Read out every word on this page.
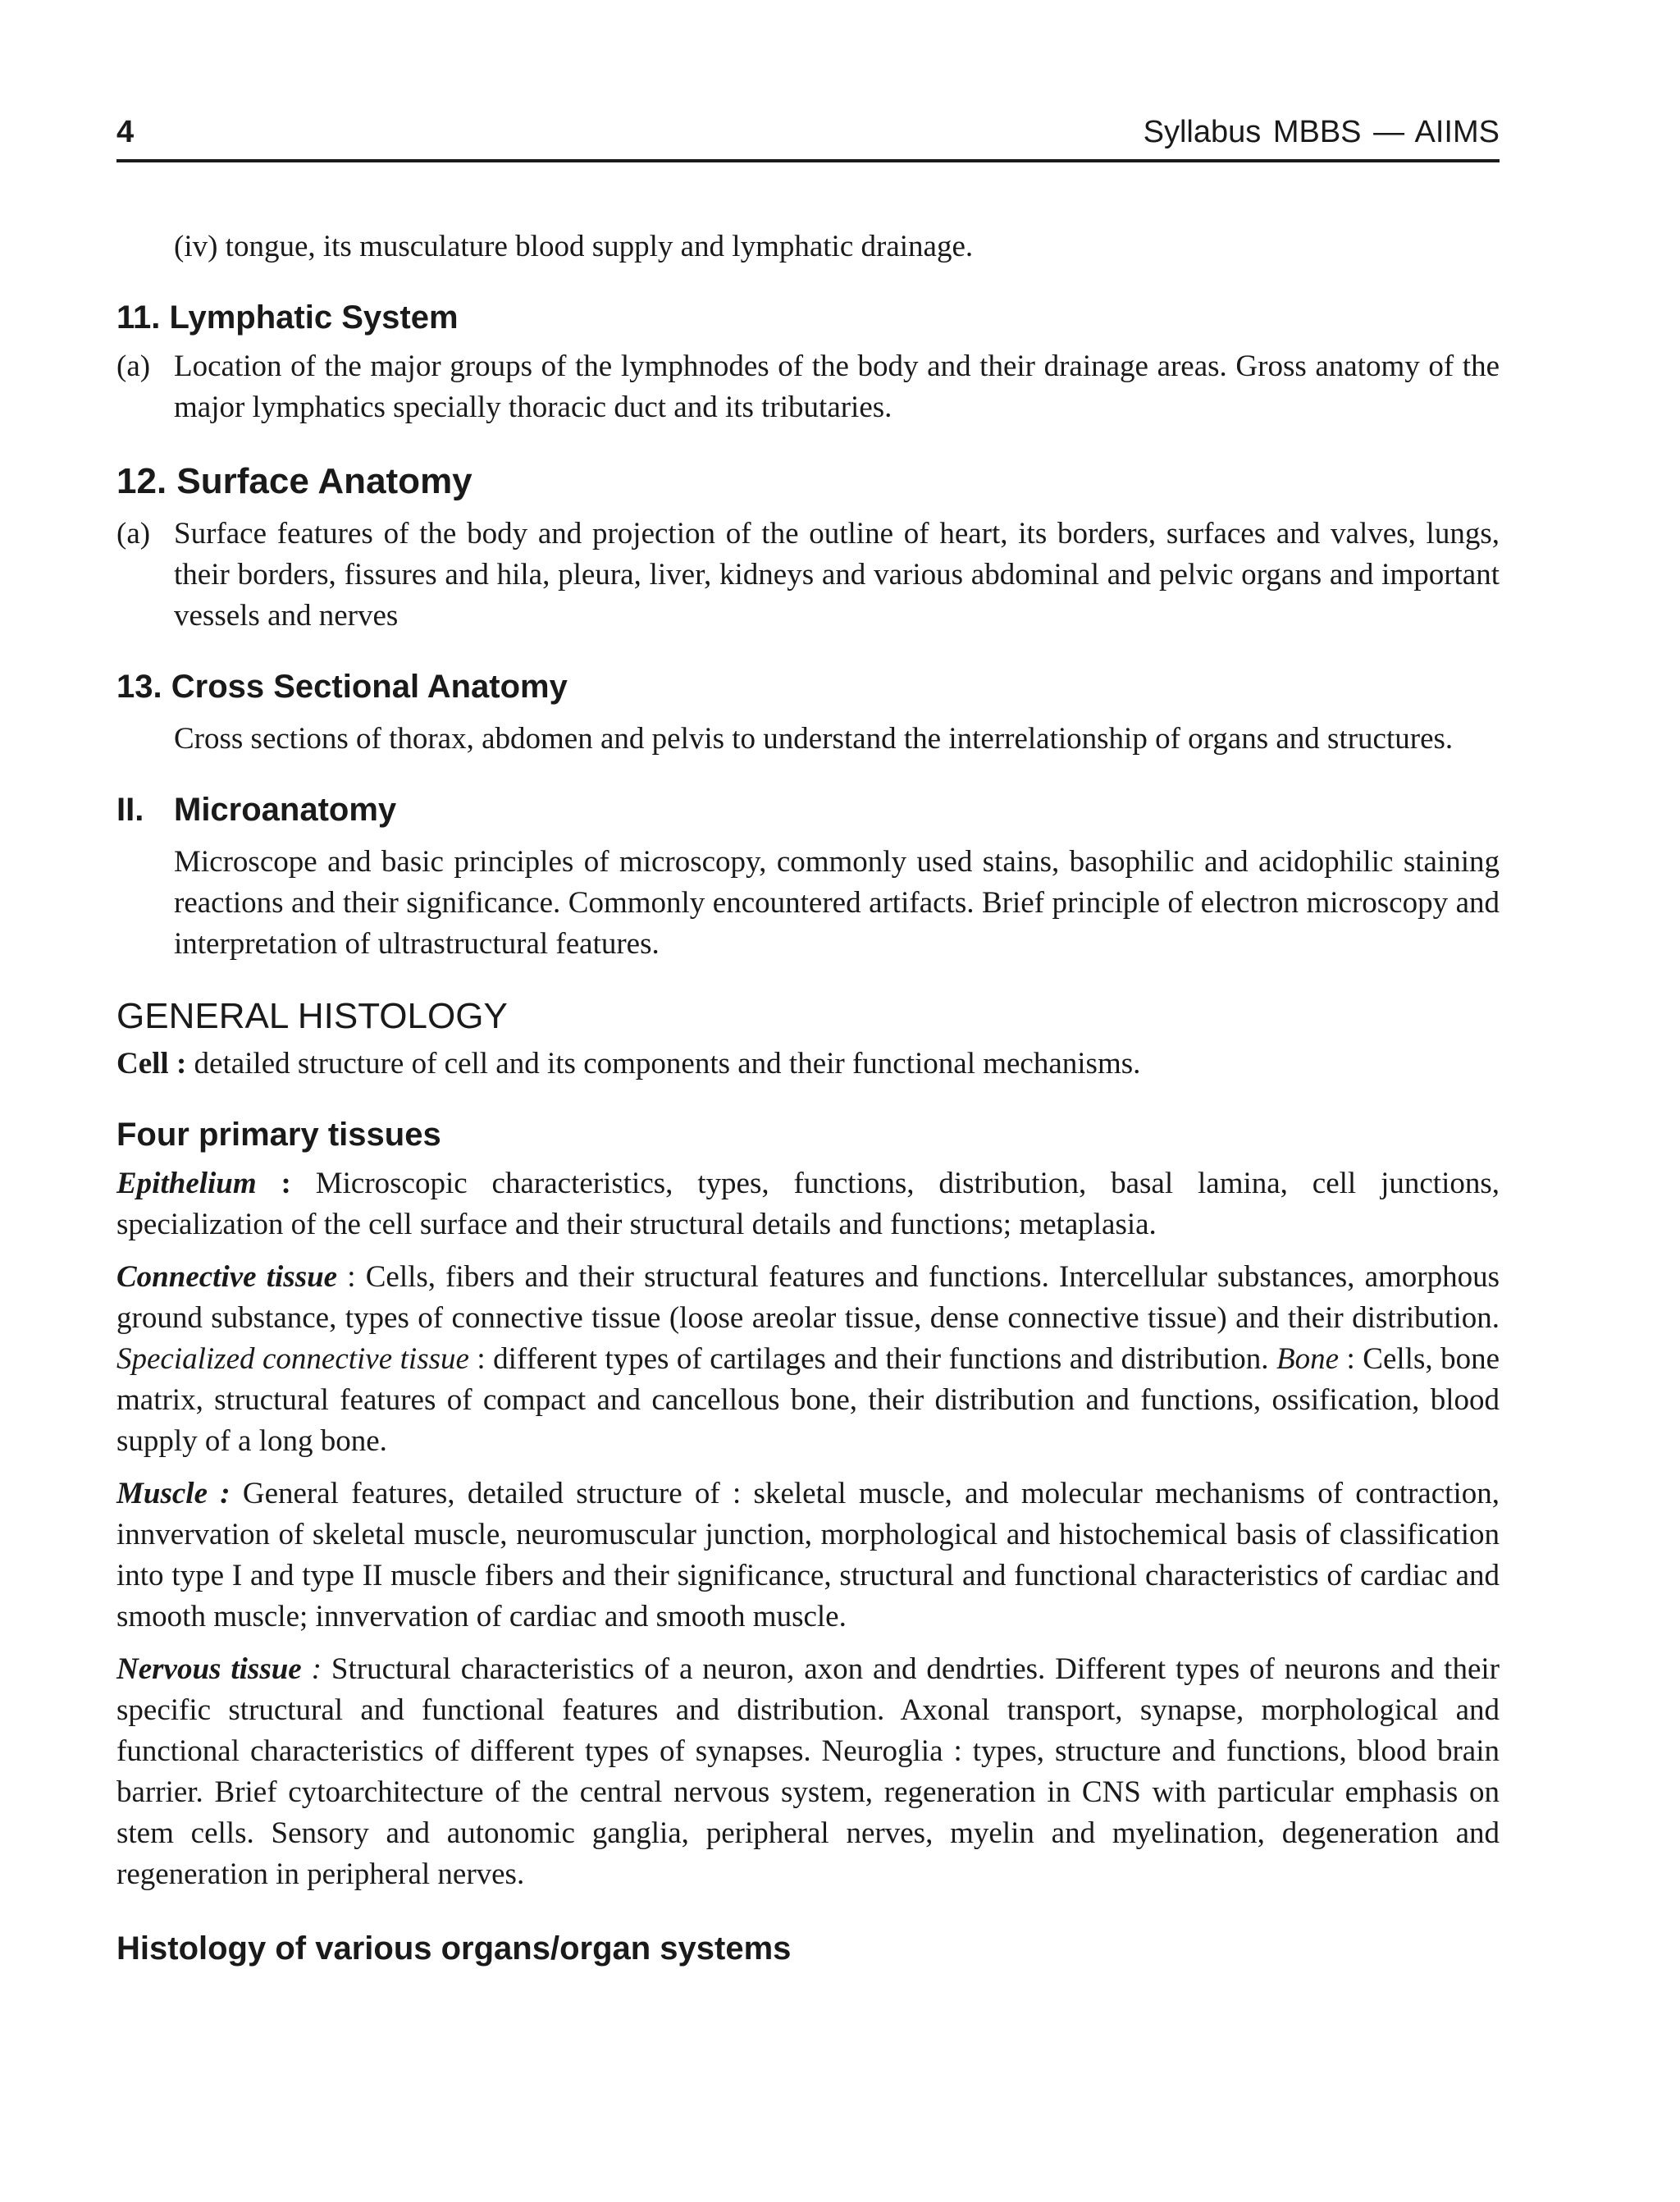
4	Syllabus MBBS — AIIMS

(iv) tongue, its musculature blood supply and lymphatic drainage.

11. Lymphatic System
(a) Location of the major groups of the lymphnodes of the body and their drainage areas. Gross anatomy of the major lymphatics specially thoracic duct and its tributaries.
12. Surface Anatomy
(a) Surface features of the body and projection of the outline of heart, its borders, surfaces and valves, lungs, their borders, fissures and hila, pleura, liver, kidneys and various abdominal and pelvic organs and important vessels and nerves
13. Cross Sectional Anatomy

Cross sections of thorax, abdomen and pelvis to understand the interrelationship of organs and structures.

II. Microanatomy

Microscope and basic principles of microscopy, commonly used stains, basophilic and acidophilic staining reactions and their significance. Commonly encountered artifacts. Brief principle of electron microscopy and interpretation of ultrastructural features.

GENERAL HISTOLOGY

Cell : detailed structure of cell and its components and their functional mechanisms.

Four primary tissues

Epithelium : Microscopic characteristics, types, functions, distribution, basal lamina, cell junctions, specialization of the cell surface and their structural details and functions; metaplasia.

Connective tissue : Cells, fibers and their structural features and functions. Intercellular substances, amorphous ground substance, types of connective tissue (loose areolar tissue, dense connective tissue) and their distribution. Specialized connective tissue : different types of cartilages and their functions and distribution. Bone : Cells, bone matrix, structural features of compact and cancellous bone, their distribution and functions, ossification, blood supply of a long bone.

Muscle : General features, detailed structure of : skeletal muscle, and molecular mechanisms of contraction, innvervation of skeletal muscle, neuromuscular junction, morphological and histochemical basis of classification into type I and type II muscle fibers and their significance, structural and functional characteristics of cardiac and smooth muscle; innvervation of cardiac and smooth muscle.

Nervous tissue : Structural characteristics of a neuron, axon and dendrties. Different types of neurons and their specific structural and functional features and distribution. Axonal transport, synapse, morphological and functional characteristics of different types of synapses. Neuroglia : types, structure and functions, blood brain barrier. Brief cytoarchitecture of the central nervous system, regeneration in CNS with particular emphasis on stem cells. Sensory and autonomic ganglia, peripheral nerves, myelin and myelination, degeneration and regeneration in peripheral nerves.

Histology of various organs/organ systems
